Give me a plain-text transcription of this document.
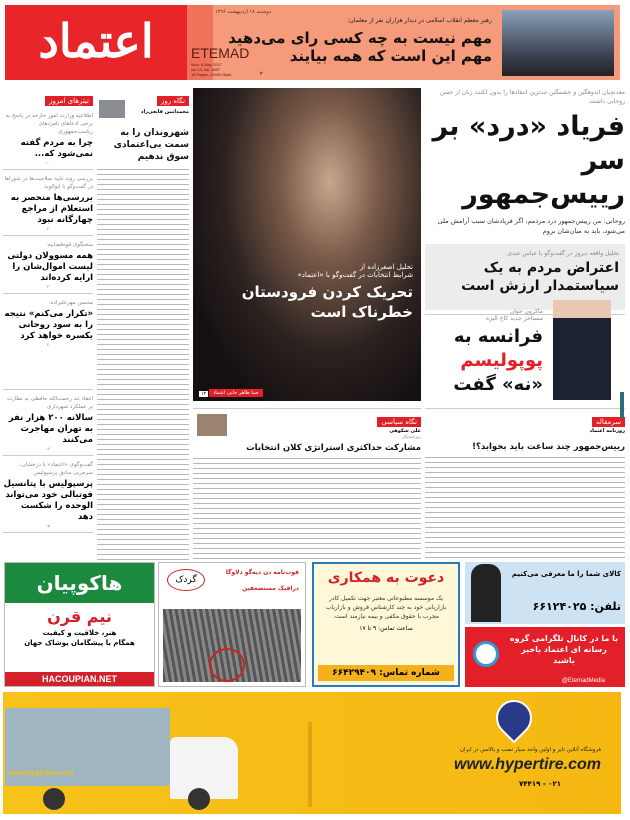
اعتماد
دوشنبه ۱۸ اردیبهشت ۱۳۹۶
ETEMAD
Mon, 8 May 2017
vol 14, No. 3857
16 Pages, 20000 Rials	۲
رهبر معظم انقلاب اسلامی در دیدار هزاران نفر از معلمان:
مهم نیست به چه کسی رای می‌دهید
مهم این است که همه بیایند
معدنچیان اندوهگین و خشمگین تندترین انتقادها را بدون لکنت زبان از حسن روحانی داشتند
فریاد «درد» بر سر رییس‌جمهور
روحانی: من رییس‌جمهور درد مردمم، اگر فریادشان سبب آرامش ملی می‌شود، باید به میان‌شان بروم
تحلیل واقعه دیروز در گفت‌وگو با عباس عبدی
اعتراض مردم به یک سیاستمدار ارزش است
ماکرون جوان
مستاجر جدید کاخ الیزه
فرانسه به
پوپولیسم
«نه» گفت
تحلیل اصغرزاده از
شرایط انتخابات در گفت‌وگو با «اعتماد»
تحریک کردن فرودستان
خطرناک است
صبا طاهر خانی اعتماد
۱۲
نگاه روز
محمدامین قانعی‌راد
شهروندان را به سمت بی‌اعتمادی سوق ندهیم
تیترهای امروز
اطلاعیه وزارت امور خارجه در پاسخ به برخی ادعاهای نامزدهای ریاست‌جمهوری
چرا به مردم گفته نمی‌شود که...
۱۰
بررسی روند تایید صلاحیت‌ها در شوراها در گفت‌وگو با ابوالوند
بررسی‌ها منحصر به استعلام از مراجع چهارگانه نبود
۴
سخنگوی قوه‌قضاییه:
همه مسوولان دولتی لیست اموال‌شان را ارایه کرده‌اند
۳
محسن مهرعلیزاده:
«تکرار می‌کنم» نتیجه را به سود روحانی یکسره خواهد کرد
۳
انتقاد تند رحمت‌الله حافظی به نظارت بر عملکرد شهرداری
سالانه ۲۰۰ هزار نفر به تهران مهاجرت می‌کنند
۱۴
گفت‌وگوی «اعتماد» با درخشان، سرمربی سابق پرسپولیس
پرسپولیس با پتانسیل فوتبالی خود می‌تواند الوحده را شکست دهد
۱۵
نگاه سیاسی
علی شکوهی
روزنامه‌نگار
مشارکت حداکثری استراتژی کلان انتخابات
سرمقاله
روزنامه اعتماد
رییس‌جمهور چند ساعت باید بخوابد؟!
هاکوپیان
نیم قرن
هنر، خلاقیت و کیفیت
همگام با پیشگامان پوشاک جهان
HACOUPIAN.NET
گردک
فوت‌نامه دن دیه‌گو دلاوگا
درافیک مستضعفین
دعوت به همکاری
یک موسسه مطبوعاتی معتبر جهت تکمیل کادر بازاریابی خود به چند کارشناس فروش و بازاریاب مجرب با حقوق مکفی و بیمه نیازمند است.
ساعت تماس: ۹ تا ۱۷
شماره تماس: ۶۶۴۲۹۴۰۹
کالای شما را ما معرفی می‌کنیم
تلفن: ۶۶۱۲۴۰۲۵
با ما در کانال تلگرامی گروه رسانه ای اعتماد باخبر باشید
@EtemadMedia
www.hypertire.com
فروشگاه آنلاین تایر و اولین واحد سیار نصب و بالانس در ایران
www.hypertire.com
۰۲۱ - ۷۴۴۱۹
